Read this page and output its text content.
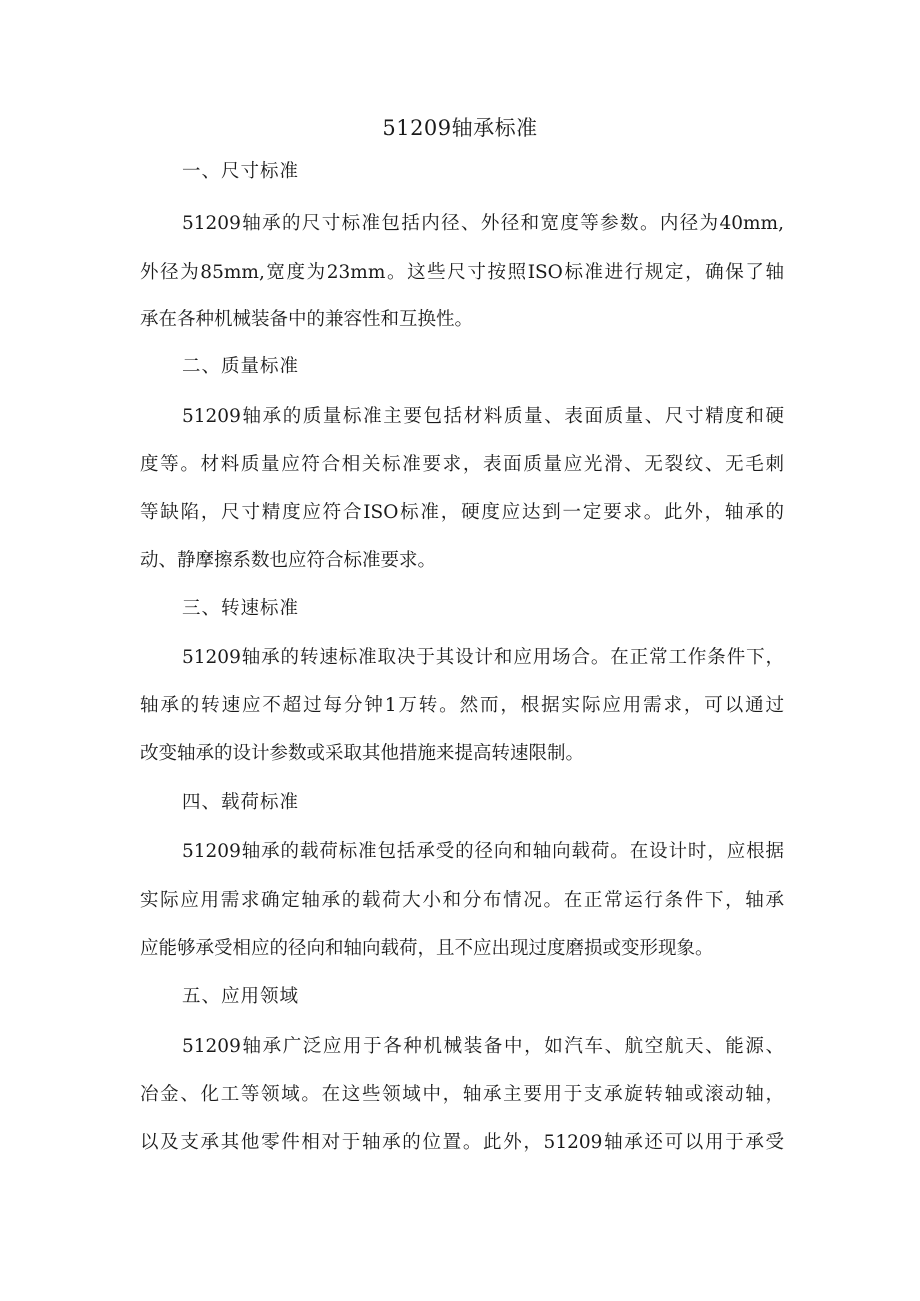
51209轴承标准
一、尺寸标准
51209轴承的尺寸标准包括内径、外径和宽度等参数。内径为40mm,
外径为85mm,宽度为23mm。这些尺寸按照ISO标准进行规定，确保了轴
承在各种机械装备中的兼容性和互换性。
二、质量标准
51209轴承的质量标准主要包括材料质量、表面质量、尺寸精度和硬
度等。材料质量应符合相关标准要求，表面质量应光滑、无裂纹、无毛刺
等缺陷，尺寸精度应符合ISO标准，硬度应达到一定要求。此外，轴承的
动、静摩擦系数也应符合标准要求。
三、转速标准
51209轴承的转速标准取决于其设计和应用场合。在正常工作条件下，
轴承的转速应不超过每分钟1万转。然而，根据实际应用需求，可以通过
改变轴承的设计参数或采取其他措施来提高转速限制。
四、载荷标准
51209轴承的载荷标准包括承受的径向和轴向载荷。在设计时，应根据
实际应用需求确定轴承的载荷大小和分布情况。在正常运行条件下，轴承
应能够承受相应的径向和轴向载荷，且不应出现过度磨损或变形现象。
五、应用领域
51209轴承广泛应用于各种机械装备中，如汽车、航空航天、能源、
冶金、化工等领域。在这些领域中，轴承主要用于支承旋转轴或滚动轴，
以及支承其他零件相对于轴承的位置。此外，51209轴承还可以用于承受
